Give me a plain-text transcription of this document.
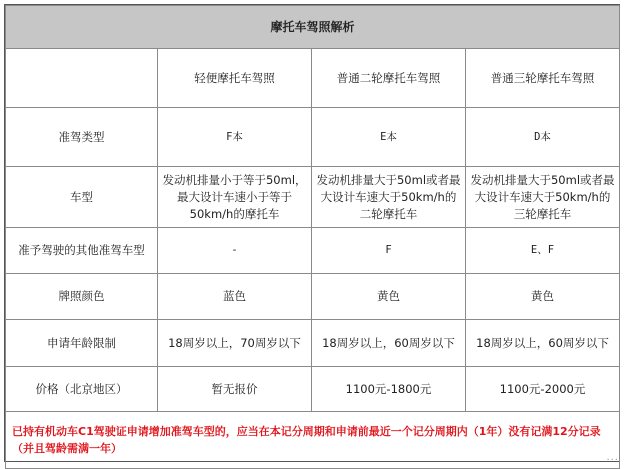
摩托车驾照解析			
	轻便摩托车驾照	普通二轮摩托车驾照	普通三轮摩托车驾照
准驾类型	F本	E本	D本
车型	发动机排量小于等于50ml，最大设计车速小于等于50km/h的摩托车	发动机排量大于50ml或者最大设计车速大于50km/h的二轮摩托车	发动机排量大于50ml或者最大设计车速大于50km/h的三轮摩托车
准予驾驶的其他准驾车型	-	F	E、F
牌照颜色	蓝色	黄色	黄色
申请年龄限制	18周岁以上，70周岁以下	18周岁以上，60周岁以下	18周岁以上，60周岁以下
价格（北京地区）	暂无报价	1100元-1800元	1100元-2000元
已持有机动车C1驾驶证申请增加准驾车型的，应当在本记分周期和申请前最近一个记分周期内（1年）没有记满12分记录（并且驾龄需满一年）			
...
